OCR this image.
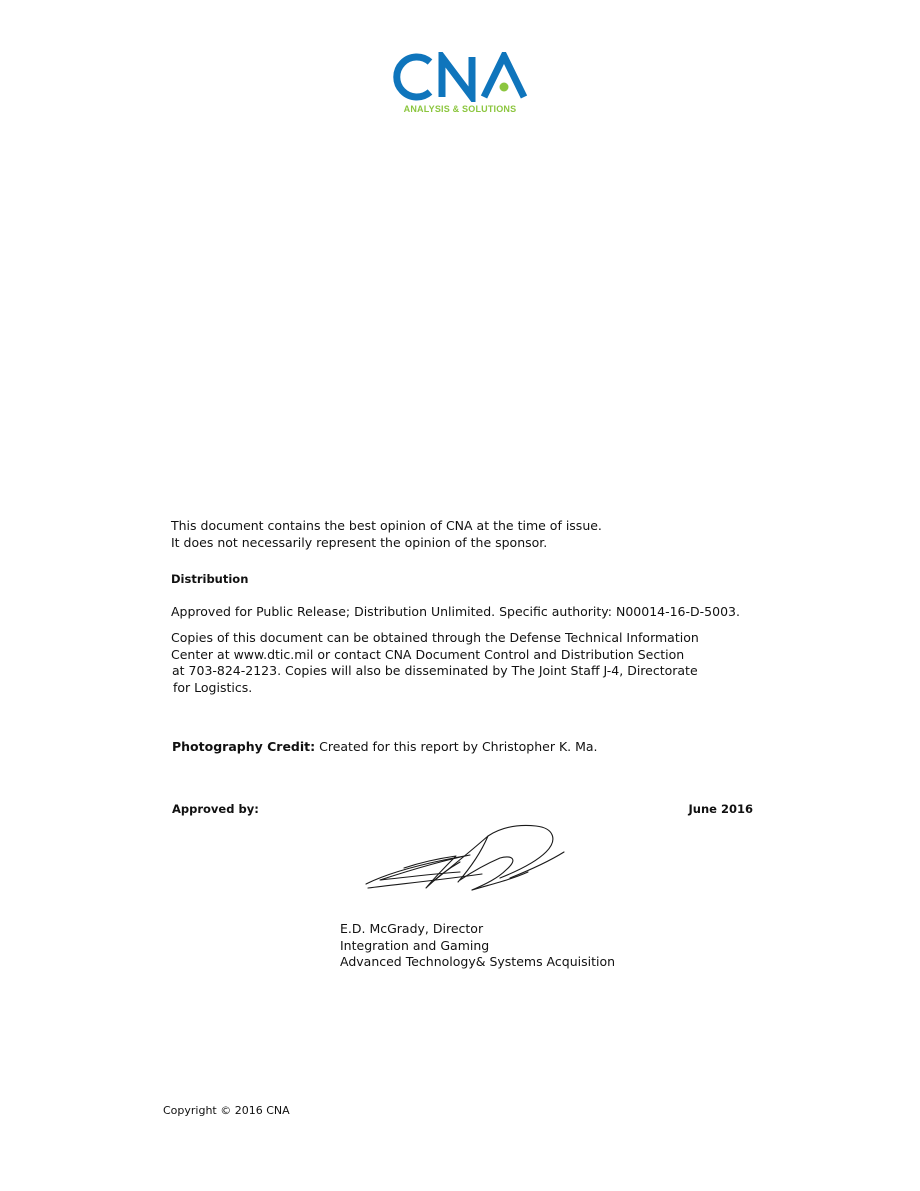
ANALYSIS & SOLUTIONS
This document contains the best opinion of CNA at the time of issue.
It does not necessarily represent the opinion of the sponsor.
Distribution
Approved for Public Release; Distribution Unlimited. Specific authority: N00014-16-D-5003.
Copies of this document can be obtained through the Defense Technical Information
Center at www.dtic.mil or contact CNA Document Control and Distribution Section
at 703-824-2123. Copies will also be disseminated by The Joint Staff J-4, Directorate
for Logistics.
Photography Credit: Created for this report by Christopher K. Ma.
Approved by:	June 2016
E.D. McGrady, Director
Integration and Gaming
Advanced Technology& Systems Acquisition
Copyright © 2016 CNA
